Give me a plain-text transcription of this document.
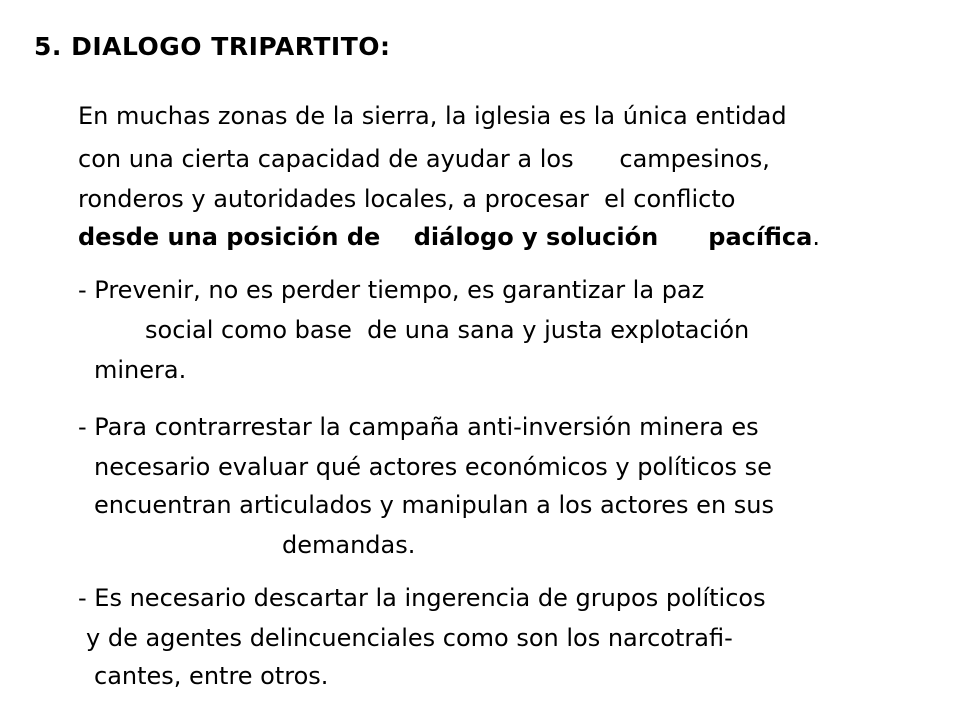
5. DIALOGO TRIPARTITO:

En muchas zonas de la sierra, la iglesia es la única entidad

con una cierta capacidad de ayudar a los      campesinos,

ronderos y autoridades locales, a procesar  el conflicto

desde una posición de    diálogo y solución      pacífica.

- Prevenir, no es perder tiempo, es garantizar la paz

social como base  de una sana y justa explotación

minera.

- Para contrarrestar la campaña anti-inversión minera es

necesario evaluar qué actores económicos y políticos se

encuentran articulados y manipulan a los actores en sus

demandas.

- Es necesario descartar la ingerencia de grupos políticos

y de agentes delincuenciales como son los narcotrafi-

cantes, entre otros.
